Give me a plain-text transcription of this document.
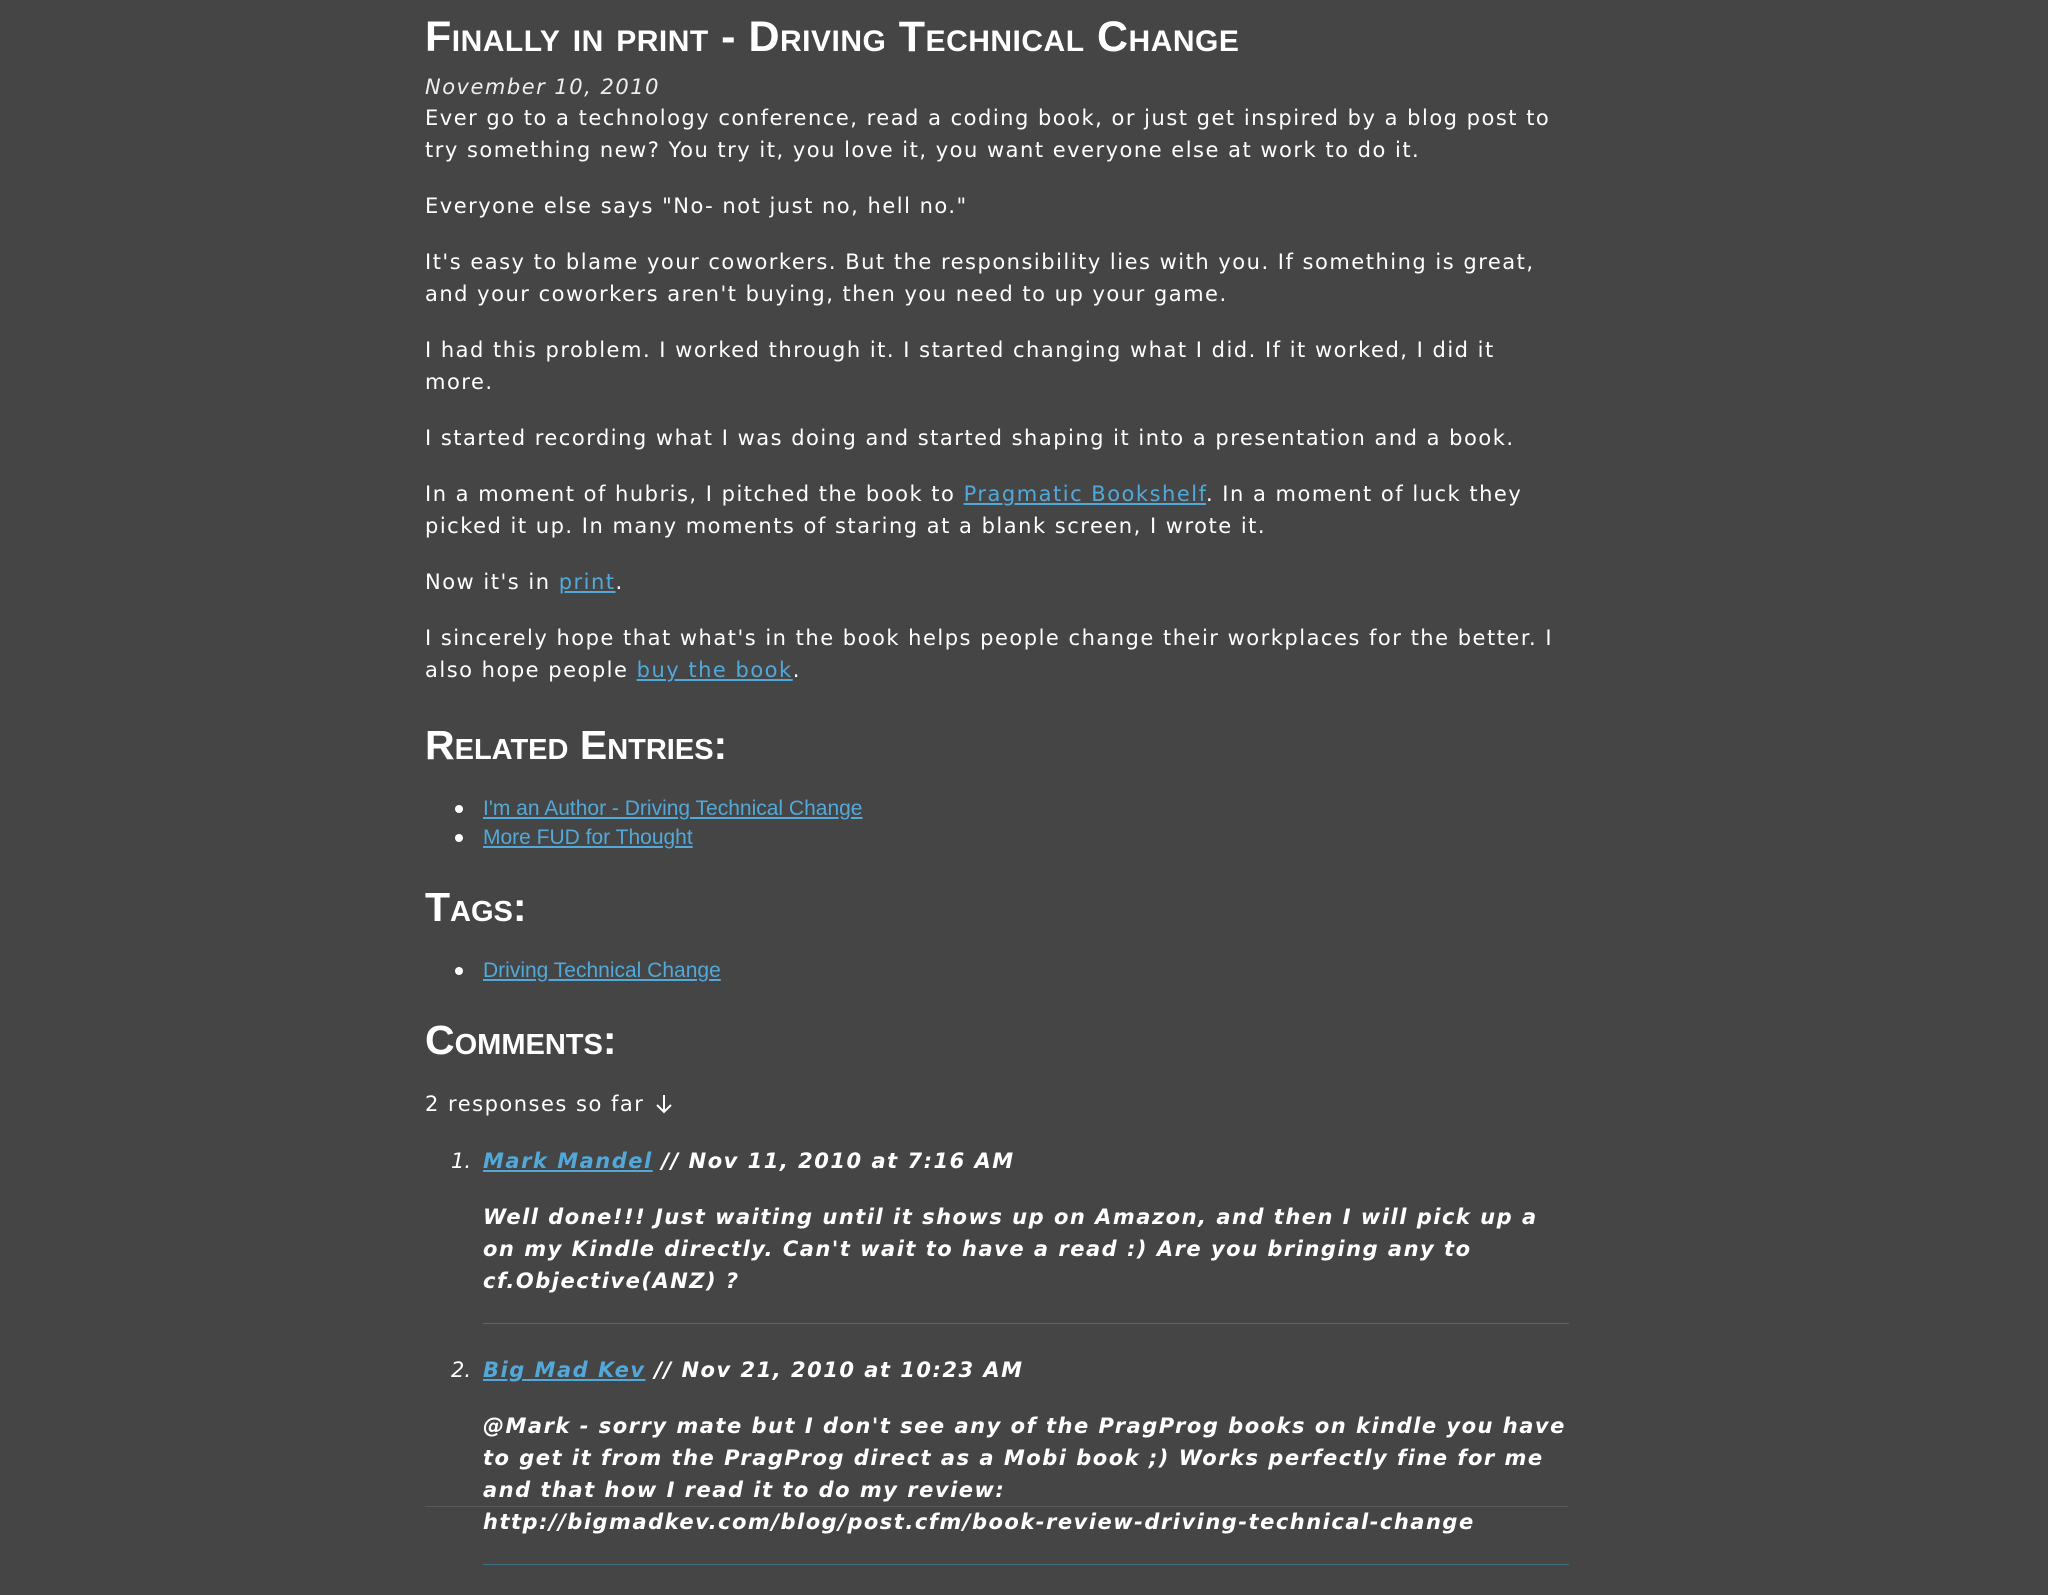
Finally in print - Driving Technical Change
November 10, 2010

Ever go to a technology conference, read a coding book, or just get inspired by a blog post to try something new? You try it, you love it, you want everyone else at work to do it.

Everyone else says "No- not just no, hell no."

It's easy to blame your coworkers. But the responsibility lies with you. If something is great, and your coworkers aren't buying, then you need to up your game.

I had this problem. I worked through it. I started changing what I did. If it worked, I did it more.

I started recording what I was doing and started shaping it into a presentation and a book.

In a moment of hubris, I pitched the book to Pragmatic Bookshelf. In a moment of luck they picked it up. In many moments of staring at a blank screen, I wrote it.

Now it's in print.

I sincerely hope that what's in the book helps people change their workplaces for the better. I also hope people buy the book.

Related Entries:
I'm an Author - Driving Technical Change
More FUD for Thought
Tags:
Driving Technical Change
Comments:
2 responses so far
1. Mark Mandel // Nov 11, 2010 at 7:16 AM
Well done!!! Just waiting until it shows up on Amazon, and then I will pick up a on my Kindle directly. Can't wait to have a read :) Are you bringing any to cf.Objective(ANZ) ?
2. Big Mad Kev // Nov 21, 2010 at 10:23 AM
@Mark - sorry mate but I don't see any of the PragProg books on kindle you have to get it from the PragProg direct as a Mobi book ;) Works perfectly fine for me and that how I read it to do my review: http://bigmadkev.com/blog/post.cfm/book-review-driving-technical-change
